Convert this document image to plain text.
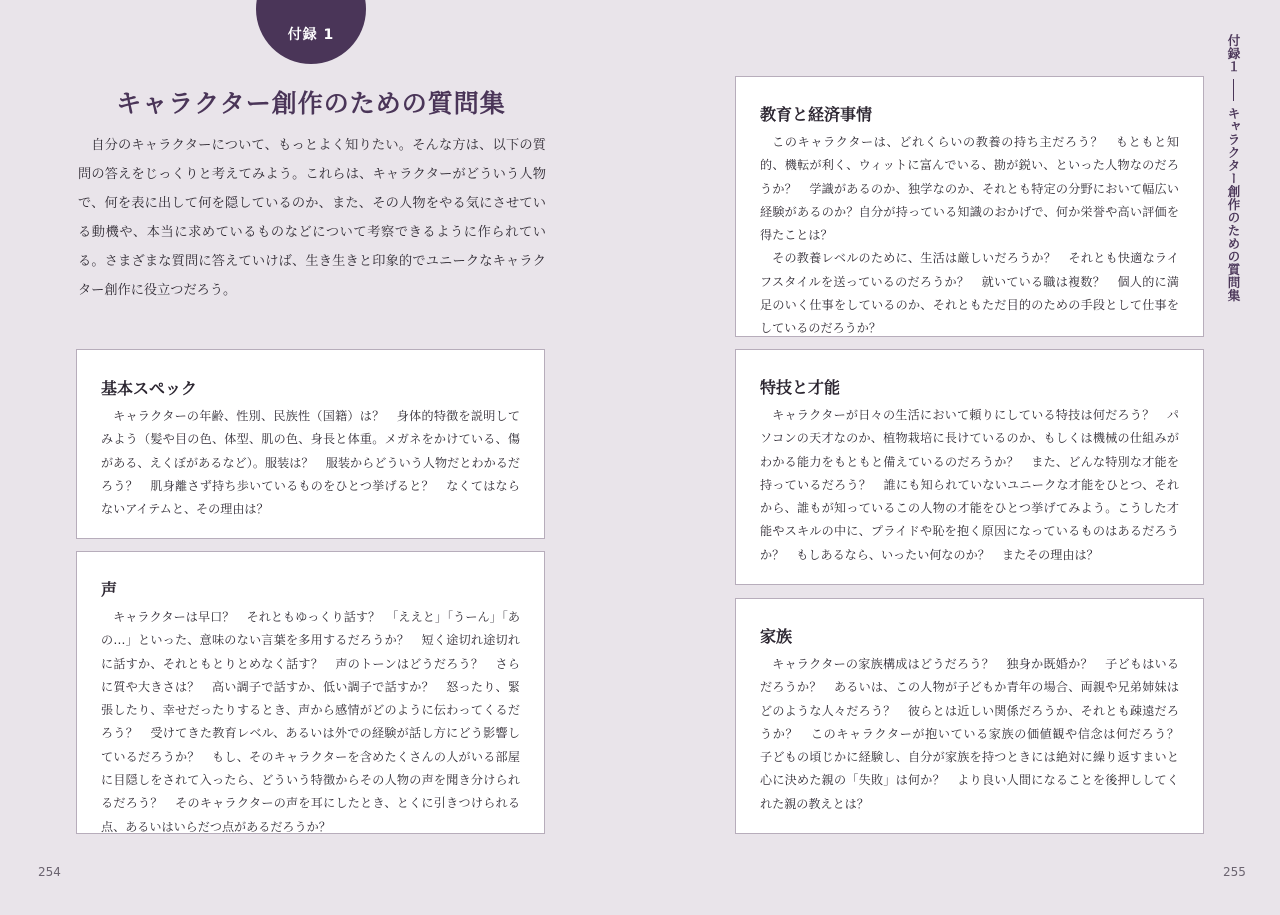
付録 1
キャラクター創作のための質問集

自分のキャラクターについて、もっとよく知りたい。そんな方は、以下の質問の答えをじっくりと考えてみよう。これらは、キャラクターがどういう人物で、何を表に出して何を隠しているのか、また、その人物をやる気にさせている動機や、本当に求めているものなどについて考察できるように作られている。さまざまな質問に答えていけば、生き生きと印象的でユニークなキャラクター創作に役立つだろう。

基本スペック

キャラクターの年齢、性別、民族性（国籍）は？　身体的特徴を説明してみよう（髪や目の色、体型、肌の色、身長と体重。メガネをかけている、傷がある、えくぼがあるなど）。服装は？　服装からどういう人物だとわかるだろう？　肌身離さず持ち歩いているものをひとつ挙げると？　なくてはならないアイテムと、その理由は？

声

キャラクターは早口？　それともゆっくり話す？　「ええと」「うーん」「あの…」といった、意味のない言葉を多用するだろうか？　短く途切れ途切れに話すか、それともとりとめなく話す？　声のトーンはどうだろう？　さらに質や大きさは？　高い調子で話すか、低い調子で話すか？　怒ったり、緊張したり、幸せだったりするとき、声から感情がどのように伝わってくるだろう？　受けてきた教育レベル、あるいは外での経験が話し方にどう影響しているだろうか？　もし、そのキャラクターを含めたくさんの人がいる部屋に目隠しをされて入ったら、どういう特徴からその人物の声を聞き分けられるだろう？　そのキャラクターの声を耳にしたとき、とくに引きつけられる点、あるいはいらだつ点があるだろうか？

254
教育と経済事情

このキャラクターは、どれくらいの教養の持ち主だろう？　もともと知的、機転が利く、ウィットに富んでいる、勘が鋭い、といった人物なのだろうか？　学識があるのか、独学なのか、それとも特定の分野において幅広い経験があるのか？自分が持っている知識のおかげで、何か栄誉や高い評価を得たことは？

その教養レベルのために、生活は厳しいだろうか？　それとも快適なライフスタイルを送っているのだろうか？　就いている職は複数？　個人的に満足のいく仕事をしているのか、それともただ目的のための手段として仕事をしているのだろうか？

特技と才能

キャラクターが日々の生活において頼りにしている特技は何だろう？　パソコンの天才なのか、植物栽培に長けているのか、もしくは機械の仕組みがわかる能力をもともと備えているのだろうか？　また、どんな特別な才能を持っているだろう？　誰にも知られていないユニークな才能をひとつ、それから、誰もが知っているこの人物の才能をひとつ挙げてみよう。こうした才能やスキルの中に、プライドや恥を抱く原因になっているものはあるだろうか？　もしあるなら、いったい何なのか？　またその理由は？

家族

キャラクターの家族構成はどうだろう？　独身か既婚か？　子どもはいるだろうか？　あるいは、この人物が子どもか青年の場合、両親や兄弟姉妹はどのような人々だろう？　彼らとは近しい関係だろうか、それとも疎遠だろうか？　このキャラクターが抱いている家族の価値観や信念は何だろう？　子どもの頃じかに経験し、自分が家族を持つときには絶対に繰り返すまいと心に決めた親の「失敗」は何か？　より良い人間になることを後押ししてくれた親の教えとは？

付録１
キャラクター創作のための質問集
255
